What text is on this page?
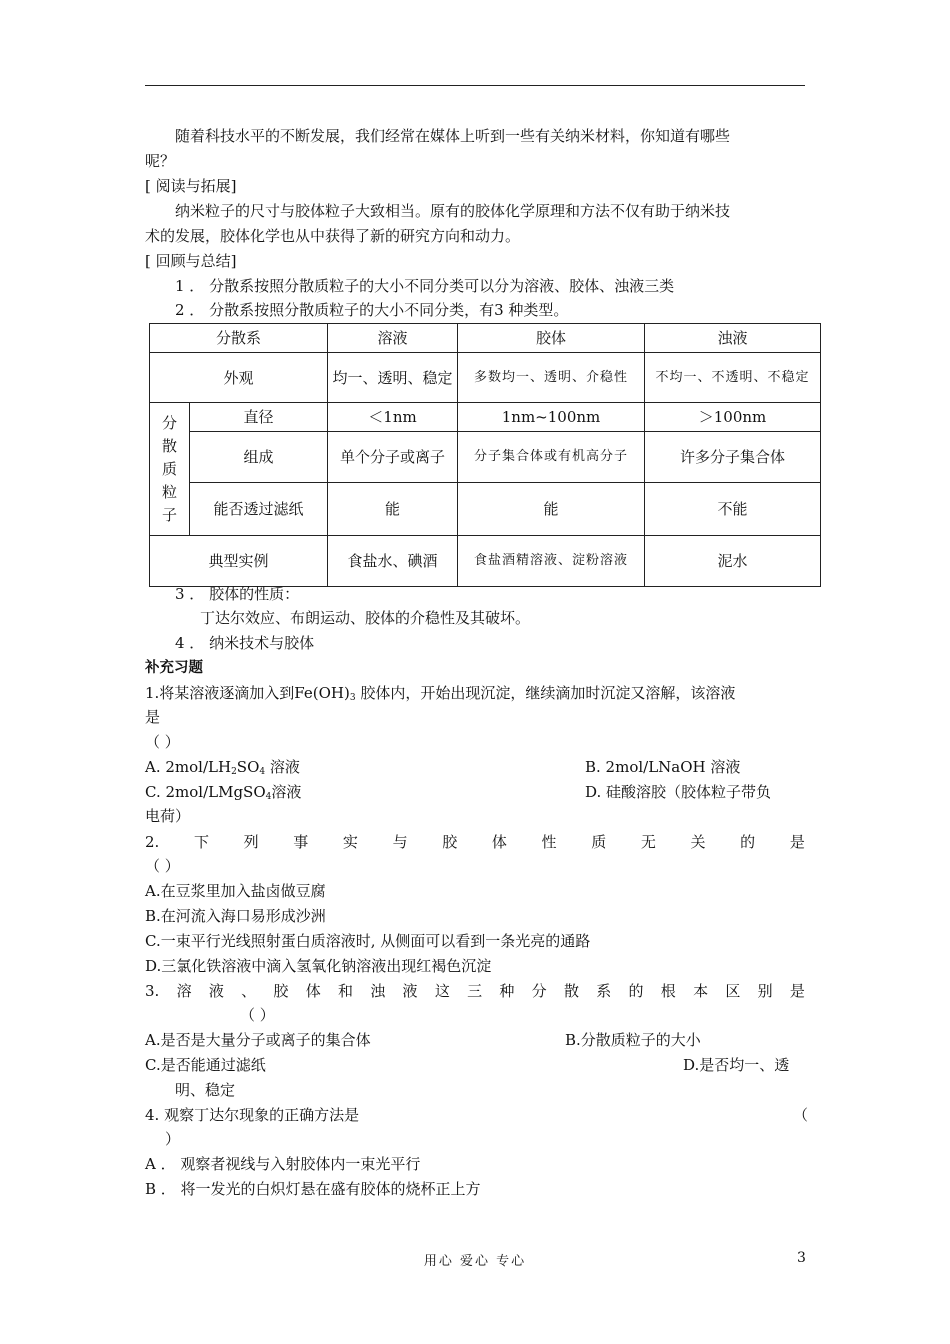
随着科技水平的不断发展，我们经常在媒体上听到一些有关纳米材料，你知道有哪些
呢？
[ 阅读与拓展]
纳米粒子的尺寸与胶体粒子大致相当。原有的胶体化学原理和方法不仅有助于纳米技
术的发展，胶体化学也从中获得了新的研究方向和动力。
[ 回顾与总结]
1 ． 分散系按照分散质粒子的大小不同分类可以分为溶液、胶体、浊液三类
2 ． 分散系按照分散质粒子的大小不同分类，有3 种类型。
分散系		溶液	胶体	浊液
外观		均一、透明、稳定	多数均一、透明、介稳性	不均一、不透明、不稳定
分
散
质
粒
子	直径	＜1nm	1nm~100nm	＞100nm
	组成	单个分子或离子	分子集合体或有机高分子	许多分子集合体
	能否透过滤纸	能	能	不能
典型实例		食盐水、碘酒	食盐酒精溶液、淀粉溶液	泥水
3 ． 胶体的性质：
丁达尔效应、布朗运动、胶体的介稳性及其破坏。
4 ． 纳米技术与胶体
补充习题
1.将某溶液逐滴加入到$Fe(OH)_3$ 胶体内，开始出现沉淀，继续滴加时沉淀又溶解，该溶液
是
（ ）
A. $2mol/LH_2SO_4$ 溶液	B. 2mol/LNaOH 溶液
C. 2mol/LMgSO$_4$溶液	D. 硅酸溶胶（胶体粒子带负
电荷）
2. 下 列 事 实 与 胶 体 性 质 无 关 的 是
（ ）
A.在豆浆里加入盐卤做豆腐
B.在河流入海口易形成沙洲
C.一束平行光线照射蛋白质溶液时, 从侧面可以看到一条光亮的通路
D.三氯化铁溶液中滴入氢氧化钠溶液出现红褐色沉淀
3. 溶 液 、 胶 体 和 浊 液 这 三 种 分 散 系 的 根 本 区 别 是
（ ）
A.是否是大量分子或离子的集合体	B.分散质粒子的大小
C.是否能通过滤纸	D.是否均一、透
明、稳定
4. 观察丁达尔现象的正确方法是	（
）
A ． 观察者视线与入射胶体内一束光平行
B ． 将一发光的白炽灯悬在盛有胶体的烧杯正上方
用心 爱心 专心	3
